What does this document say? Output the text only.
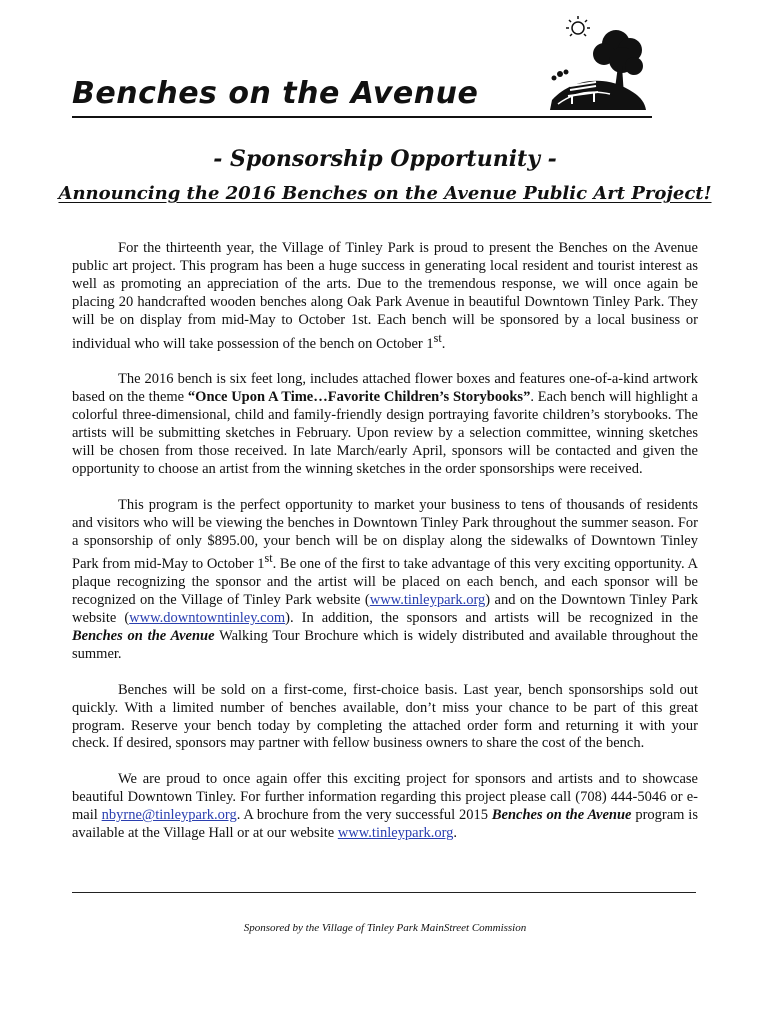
Benches on the Avenue
- Sponsorship Opportunity -
Announcing the 2016 Benches on the Avenue Public Art Project!

For the thirteenth year, the Village of Tinley Park is proud to present the Benches on the Avenue public art project. This program has been a huge success in generating local resident and tourist interest as well as promoting an appreciation of the arts. Due to the tremendous response, we will once again be placing 20 handcrafted wooden benches along Oak Park Avenue in beautiful Downtown Tinley Park. They will be on display from mid-May to October 1st. Each bench will be sponsored by a local business or individual who will take possession of the bench on October 1st.

The 2016 bench is six feet long, includes attached flower boxes and features one-of-a-kind artwork based on the theme “Once Upon A Time…Favorite Children’s Storybooks”. Each bench will highlight a colorful three-dimensional, child and family-friendly design portraying favorite children’s storybooks. The artists will be submitting sketches in February. Upon review by a selection committee, winning sketches will be chosen from those received. In late March/early April, sponsors will be contacted and given the opportunity to choose an artist from the winning sketches in the order sponsorships were received.

This program is the perfect opportunity to market your business to tens of thousands of residents and visitors who will be viewing the benches in Downtown Tinley Park throughout the summer season. For a sponsorship of only $895.00, your bench will be on display along the sidewalks of Downtown Tinley Park from mid-May to October 1st. Be one of the first to take advantage of this very exciting opportunity. A plaque recognizing the sponsor and the artist will be placed on each bench, and each sponsor will be recognized on the Village of Tinley Park website (www.tinleypark.org) and on the Downtown Tinley Park website (www.downtowntinley.com). In addition, the sponsors and artists will be recognized in the Benches on the Avenue Walking Tour Brochure which is widely distributed and available throughout the summer.

Benches will be sold on a first-come, first-choice basis. Last year, bench sponsorships sold out quickly. With a limited number of benches available, don’t miss your chance to be part of this great program. Reserve your bench today by completing the attached order form and returning it with your check. If desired, sponsors may partner with fellow business owners to share the cost of the bench.

We are proud to once again offer this exciting project for sponsors and artists and to showcase beautiful Downtown Tinley. For further information regarding this project please call (708) 444-5046 or e-mail nbyrne@tinleypark.org. A brochure from the very successful 2015 Benches on the Avenue program is available at the Village Hall or at our website www.tinleypark.org.

Sponsored by the Village of Tinley Park MainStreet Commission
